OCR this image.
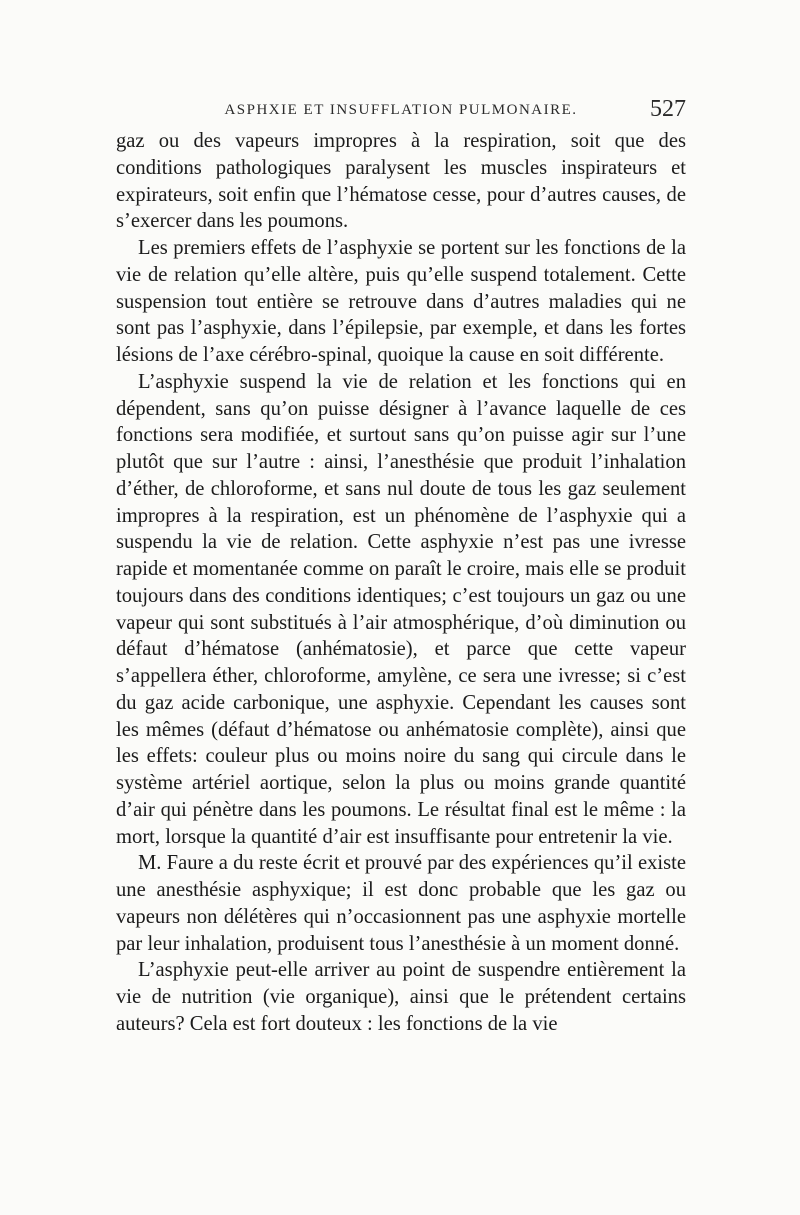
ASPHXIE ET INSUFFLATION PULMONAIRE.	527

gaz ou des vapeurs impropres à la respiration, soit que des conditions pathologiques paralysent les muscles inspirateurs et expirateurs, soit enfin que l’hématose cesse, pour d’autres causes, de s’exercer dans les poumons.

Les premiers effets de l’asphyxie se portent sur les fonctions de la vie de relation qu’elle altère, puis qu’elle suspend totalement. Cette suspension tout entière se retrouve dans d’autres maladies qui ne sont pas l’asphyxie, dans l’épilepsie, par exemple, et dans les fortes lésions de l’axe cérébro-spinal, quoique la cause en soit différente.

L’asphyxie suspend la vie de relation et les fonctions qui en dépendent, sans qu’on puisse désigner à l’avance laquelle de ces fonctions sera modifiée, et surtout sans qu’on puisse agir sur l’une plutôt que sur l’autre : ainsi, l’anesthésie que produit l’inhalation d’éther, de chloroforme, et sans nul doute de tous les gaz seulement impropres à la respiration, est un phénomène de l’asphyxie qui a suspendu la vie de relation. Cette asphyxie n’est pas une ivresse rapide et momentanée comme on paraît le croire, mais elle se produit toujours dans des conditions identiques; c’est toujours un gaz ou une vapeur qui sont substitués à l’air atmosphérique, d’où diminution ou défaut d’hématose (anhématosie), et parce que cette vapeur s’appellera éther, chloroforme, amylène, ce sera une ivresse; si c’est du gaz acide carbonique, une asphyxie. Cependant les causes sont les mêmes (défaut d’hématose ou anhématosie complète), ainsi que les effets: couleur plus ou moins noire du sang qui circule dans le système artériel aortique, selon la plus ou moins grande quantité d’air qui pénètre dans les poumons. Le résultat final est le même : la mort, lorsque la quantité d’air est insuffisante pour entretenir la vie.

M. Faure a du reste écrit et prouvé par des expériences qu’il existe une anesthésie asphyxique; il est donc probable que les gaz ou vapeurs non délétères qui n’occasionnent pas une asphyxie mortelle par leur inhalation, produisent tous l’anesthésie à un moment donné.

L’asphyxie peut-elle arriver au point de suspendre entièrement la vie de nutrition (vie organique), ainsi que le prétendent certains auteurs? Cela est fort douteux : les fonctions de la vie
